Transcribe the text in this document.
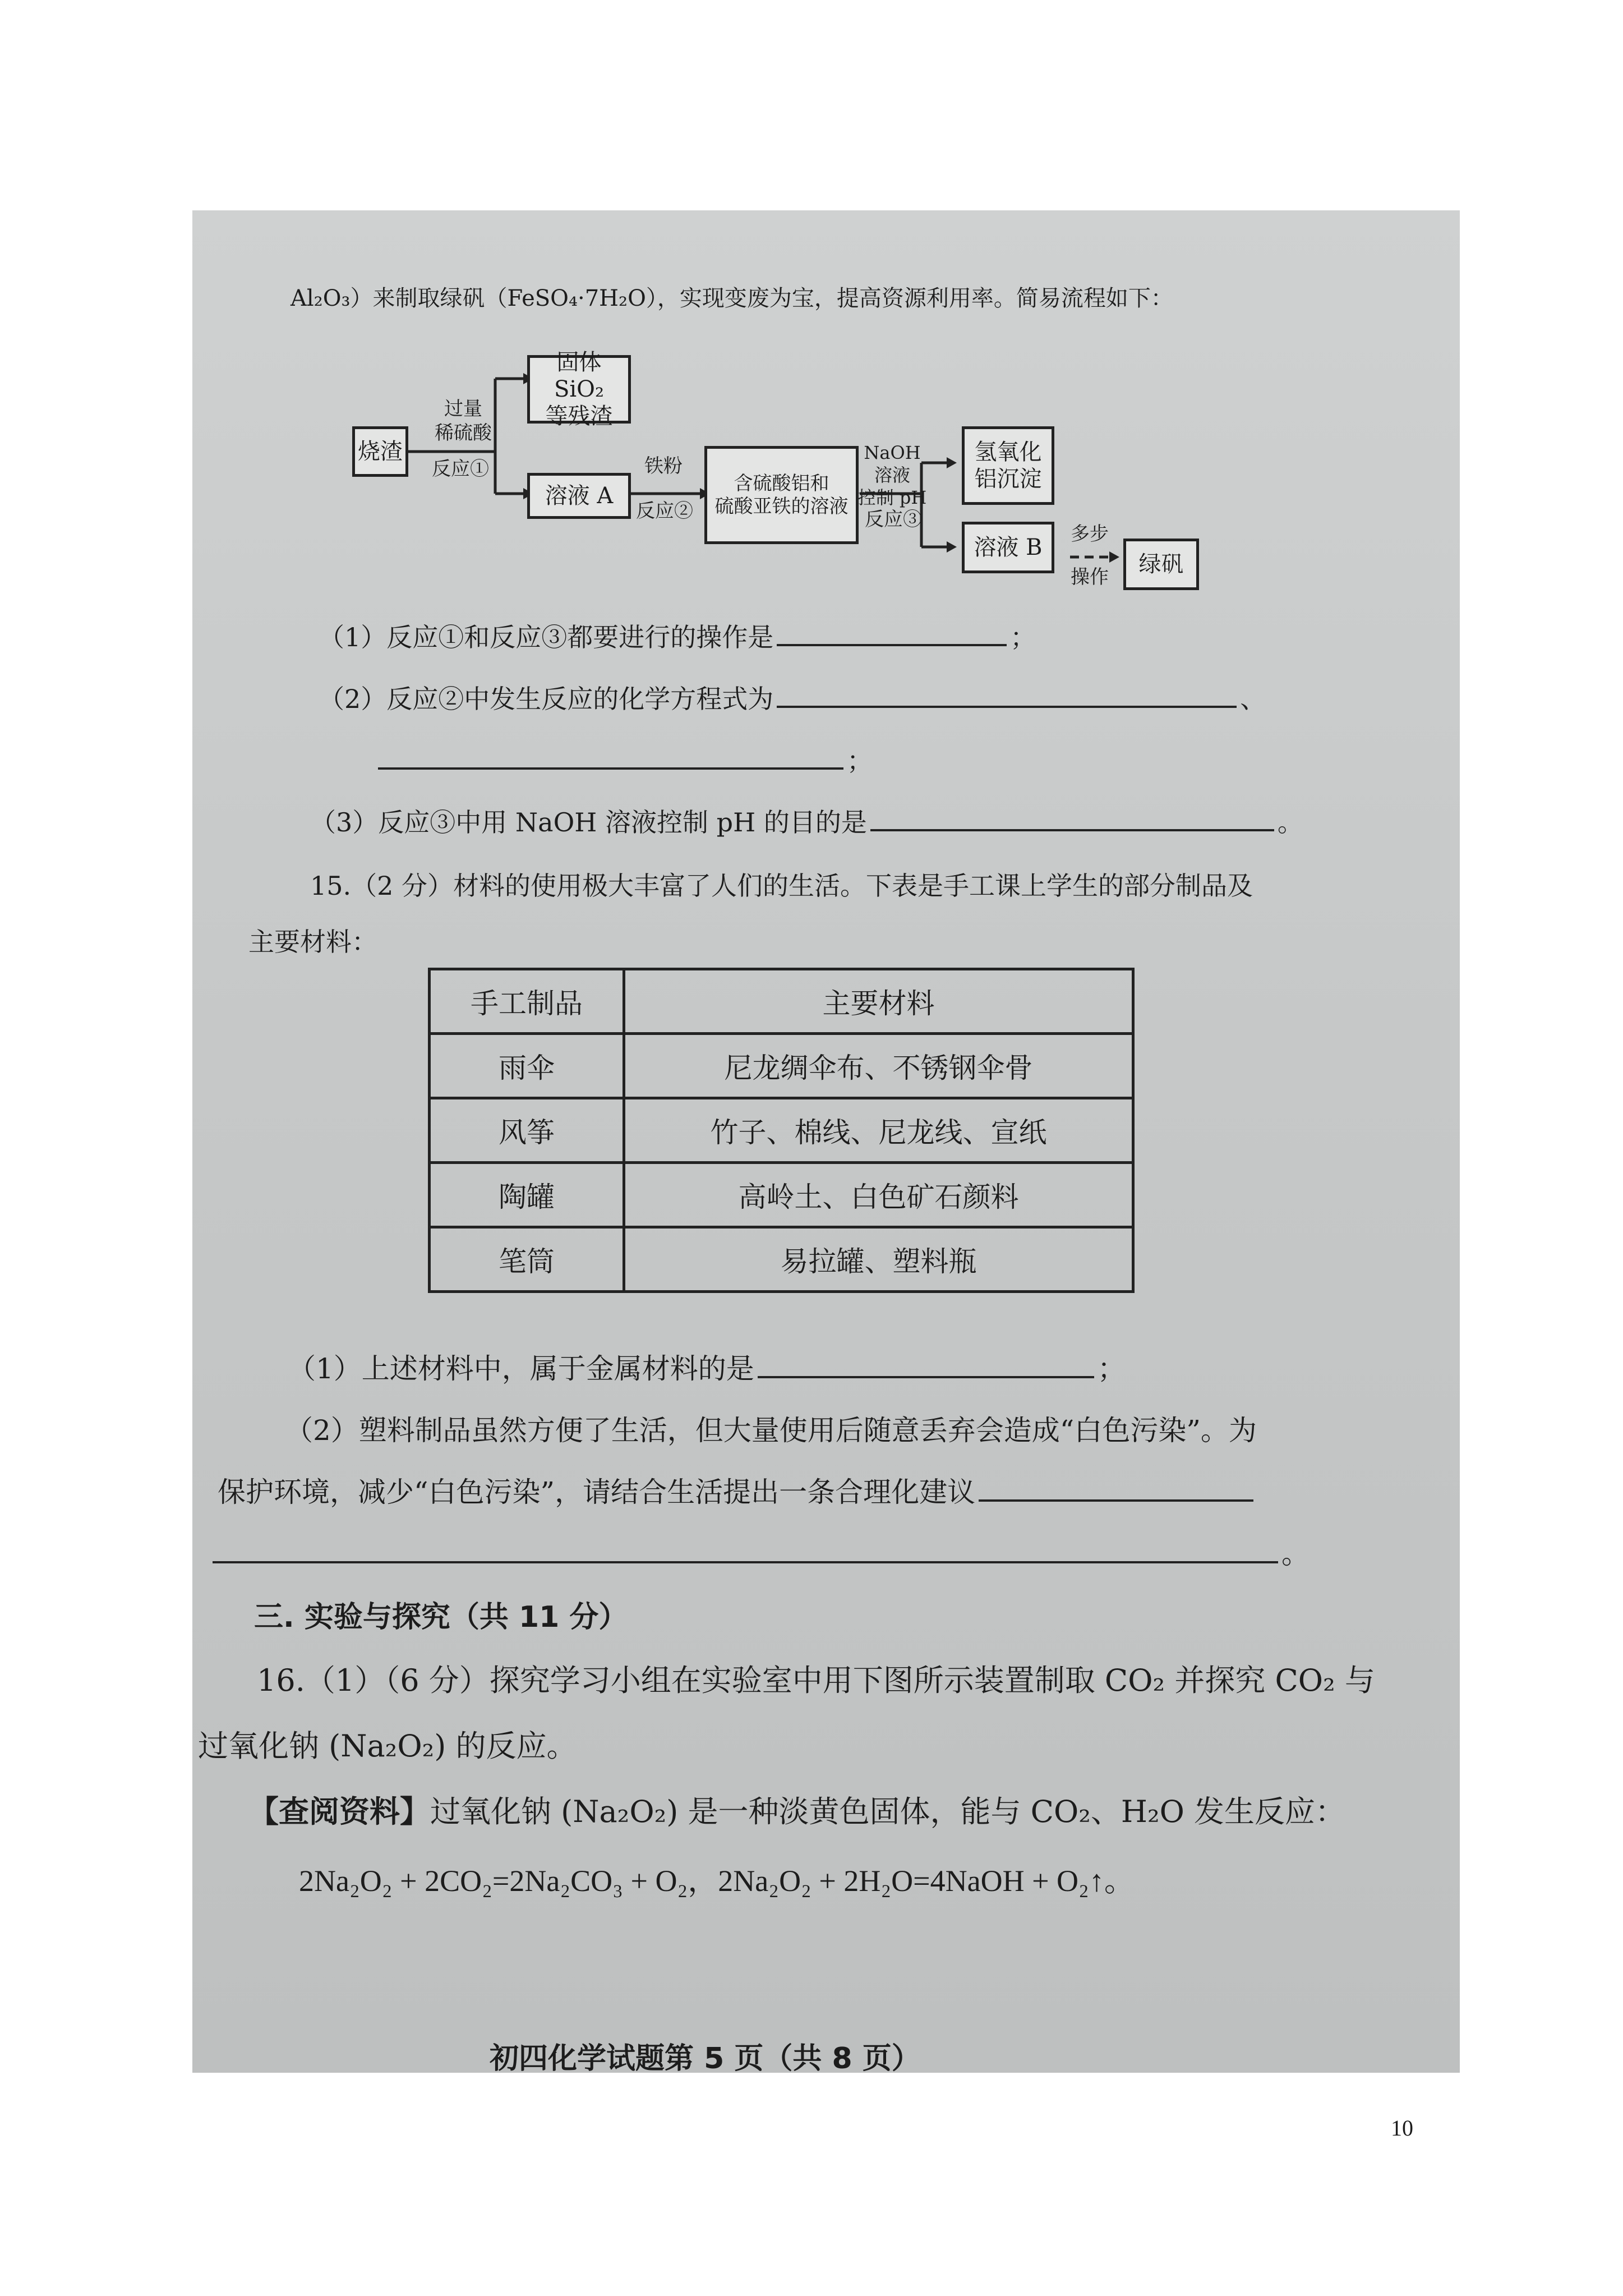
Al₂O₃）来制取绿矾（FeSO₄·7H₂O），实现变废为宝，提高资源利用率。简易流程如下：
烧渣
过量
稀硫酸
反应①
固体 SiO₂
等残渣
溶液 A
铁粉
反应②
含硫酸铝和
硫酸亚铁的溶液
NaOH 溶液
控制 pH
反应③
氢氧化
铝沉淀
溶液 B
多步
操作	绿矾
（1）反应①和反应③都要进行的操作是	；
（2）反应②中发生反应的化学方程式为	、
；
（3）反应③中用 NaOH 溶液控制 pH 的目的是	。
15.（2 分）材料的使用极大丰富了人们的生活。下表是手工课上学生的部分制品及
主要材料：
手工制品	主要材料
雨伞	尼龙绸伞布、不锈钢伞骨
风筝	竹子、棉线、尼龙线、宣纸
陶罐	高岭土、白色矿石颜料
笔筒	易拉罐、塑料瓶
（1）上述材料中，属于金属材料的是	；
（2）塑料制品虽然方便了生活，但大量使用后随意丢弃会造成“白色污染”。为
保护环境，减少“白色污染”，请结合生活提出一条合理化建议
。
三. 实验与探究（共 11 分）
16.（1）（6 分）探究学习小组在实验室中用下图所示装置制取 CO₂ 并探究 CO₂ 与
过氧化钠 (Na₂O₂) 的反应。
【查阅资料】过氧化钠 (Na₂O₂) 是一种淡黄色固体，能与 CO₂、H₂O 发生反应：
2Na₂O₂ + 2CO₂=2Na₂CO₃ + O₂，2Na₂O₂ + 2H₂O=4NaOH + O₂↑。
初四化学试题第 5 页（共 8 页）
10
